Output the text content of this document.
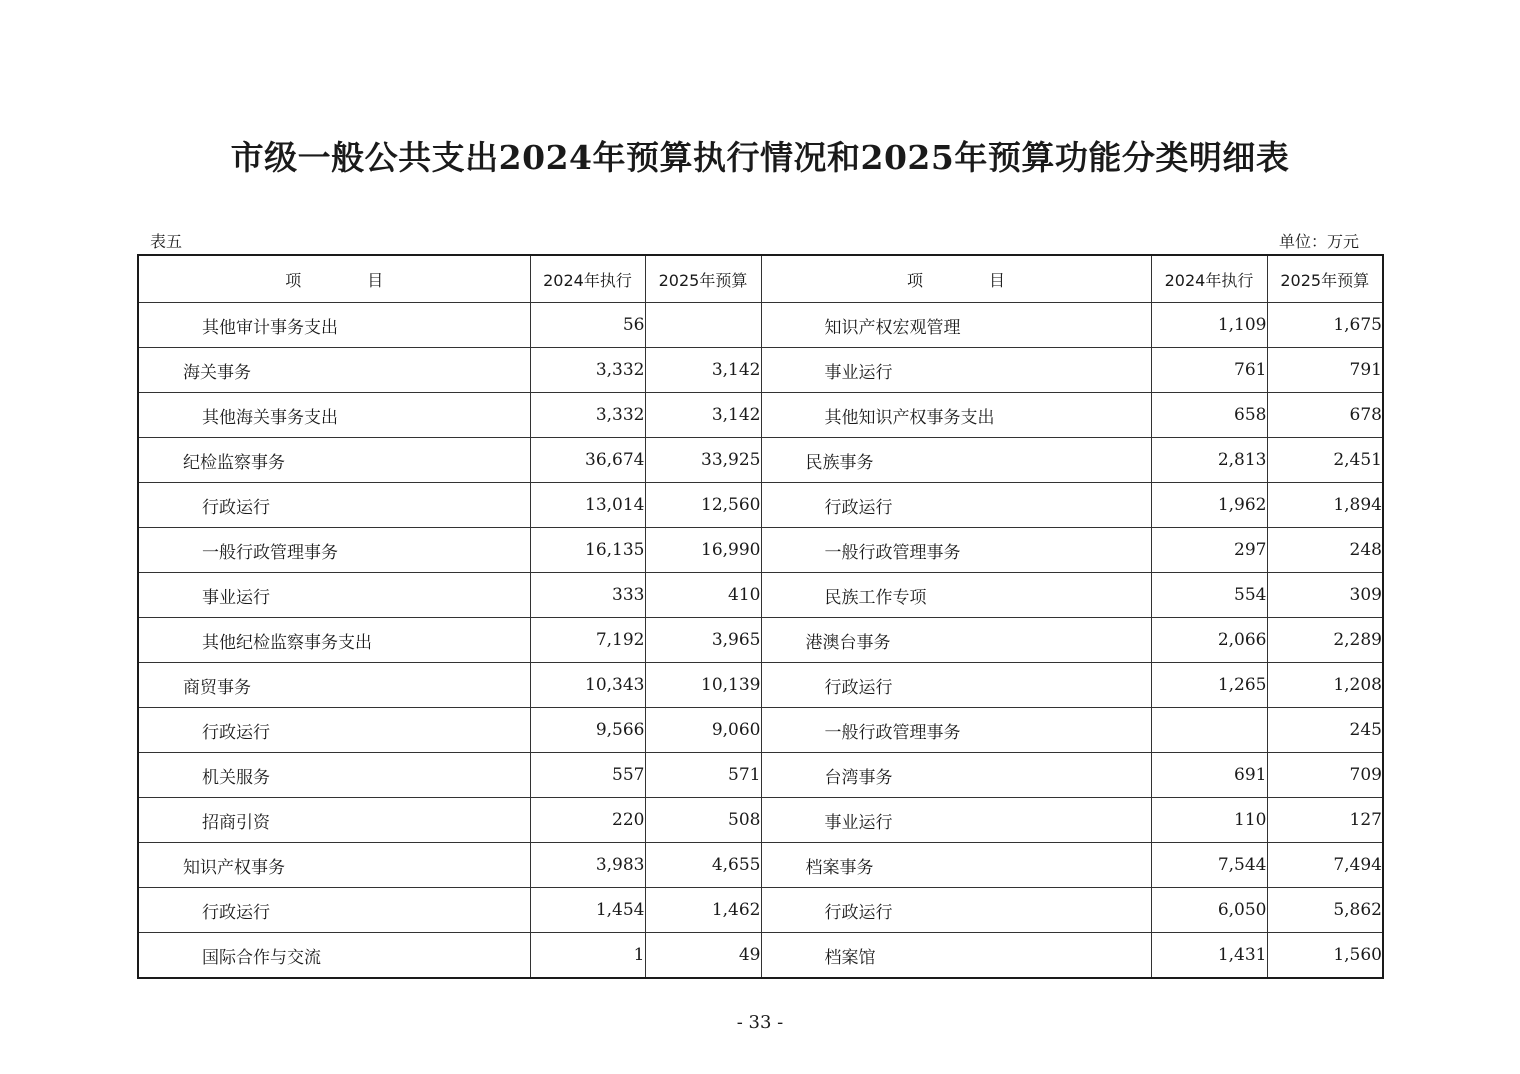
市级一般公共支出2024年预算执行情况和2025年预算功能分类明细表
表五	单位：万元
项 目	2024年执行	2025年预算	项 目	2024年执行	2025年预算
其他审计事务支出	56		知识产权宏观管理	1,109	1,675
海关事务	3,332	3,142	事业运行	761	791
其他海关事务支出	3,332	3,142	其他知识产权事务支出	658	678
纪检监察事务	36,674	33,925	民族事务	2,813	2,451
行政运行	13,014	12,560	行政运行	1,962	1,894
一般行政管理事务	16,135	16,990	一般行政管理事务	297	248
事业运行	333	410	民族工作专项	554	309
其他纪检监察事务支出	7,192	3,965	港澳台事务	2,066	2,289
商贸事务	10,343	10,139	行政运行	1,265	1,208
行政运行	9,566	9,060	一般行政管理事务		245
机关服务	557	571	台湾事务	691	709
招商引资	220	508	事业运行	110	127
知识产权事务	3,983	4,655	档案事务	7,544	7,494
行政运行	1,454	1,462	行政运行	6,050	5,862
国际合作与交流	1	49	档案馆	1,431	1,560
- 33 -
